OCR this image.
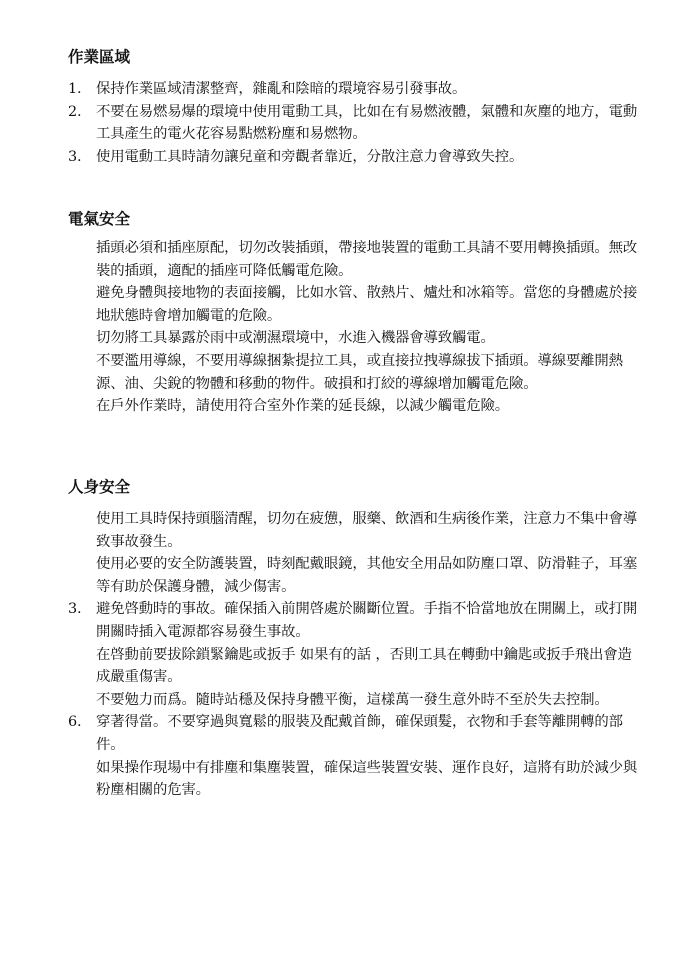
作業區域
1.	保持作業區域清潔整齊，雜亂和陰暗的環境容易引發事故。
2.	不要在易燃易爆的環境中使用電動工具，比如在有易燃液體，氣體和灰塵的地方，電動工具產生的電火花容易點燃粉塵和易燃物。
3.	使用電動工具時請勿讓兒童和旁觀者靠近，分散注意力會導致失控。
電氣安全
插頭必須和插座原配，切勿改裝插頭，帶接地裝置的電動工具請不要用轉換插頭。無改裝的插頭，適配的插座可降低觸電危險。
避免身體與接地物的表面接觸，比如水管、散熱片、爐灶和冰箱等。當您的身體處於接地狀態時會增加觸電的危險。
切勿將工具暴露於雨中或潮濕環境中，水進入機器會導致觸電。
不要濫用導線，不要用導線捆紮提拉工具，或直接拉拽導線拔下插頭。導線要離開熱源、油、尖銳的物體和移動的物件。破損和打絞的導線增加觸電危險。
在戶外作業時，請使用符合室外作業的延長線，以減少觸電危險。
人身安全
使用工具時保持頭腦清醒，切勿在疲憊，服藥、飲酒和生病後作業，注意力不集中會導致事故發生。
使用必要的安全防護裝置，時刻配戴眼鏡，其他安全用品如防塵口罩、防滑鞋子，耳塞等有助於保護身體，減少傷害。
3.	避免啓動時的事故。確保插入前開啓處於關斷位置。手指不恰當地放在開關上，或打開開關時插入電源都容易發生事故。
在啓動前要拔除鎖緊鑰匙或扳手 如果有的話 ，否則工具在轉動中鑰匙或扳手飛出會造成嚴重傷害。
不要勉力而爲。隨時站穩及保持身體平衡，這樣萬一發生意外時不至於失去控制。
6.	穿著得當。不要穿過與寬鬆的服裝及配戴首飾，確保頭髮，衣物和手套等離開轉的部件。
如果操作現場中有排塵和集塵裝置，確保這些裝置安裝、運作良好，這將有助於減少與粉塵相關的危害。
